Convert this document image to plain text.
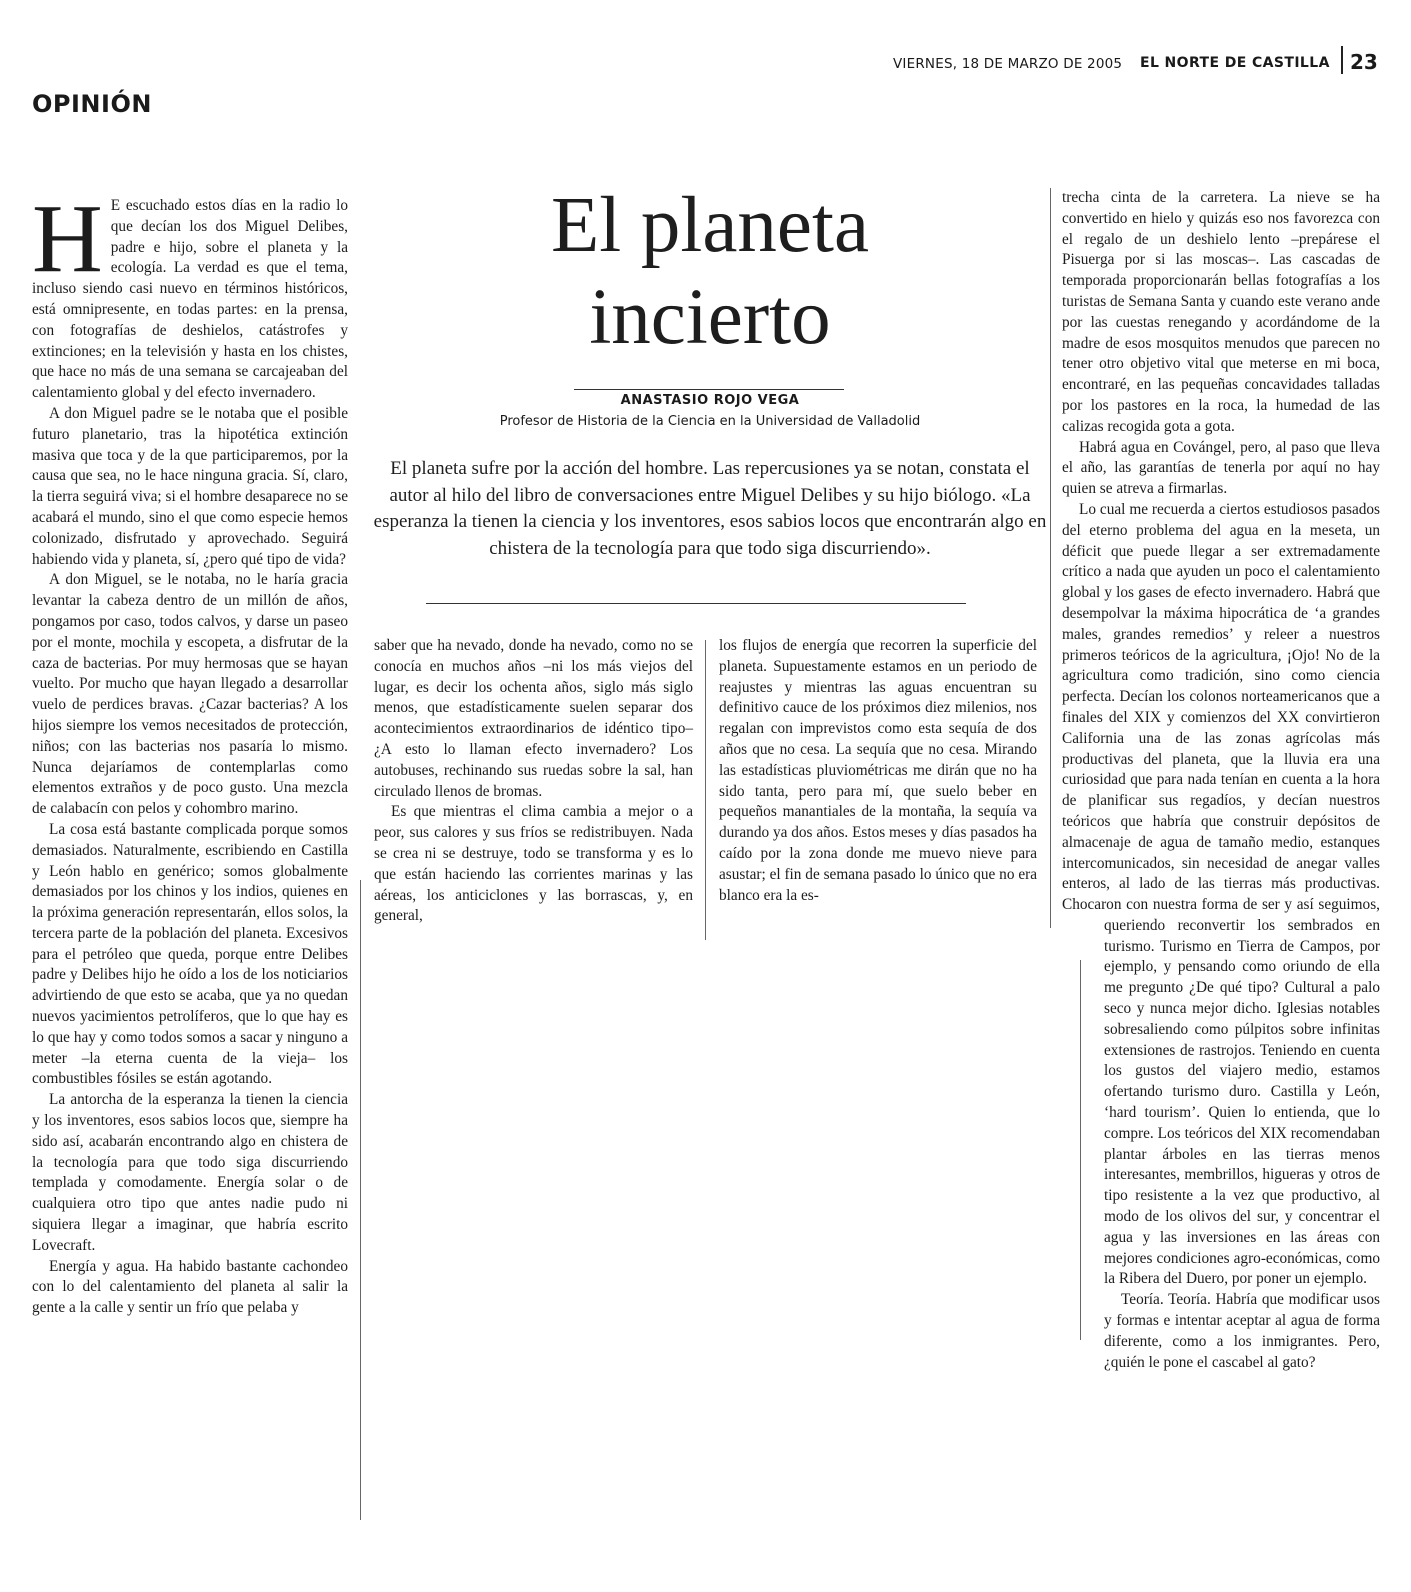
VIERNES, 18 DE MARZO DE 2005 EL NORTE DE CASTILLA 23
OPINIÓN
El planeta
incierto
ANASTASIO ROJO VEGA
Profesor de Historia de la Ciencia en la Universidad de Valladolid
El planeta sufre por la acción del hombre. Las repercusiones ya se notan, constata el autor al hilo del libro de conversaciones entre Miguel Delibes y su hijo biólogo. «La esperanza la tienen la ciencia y los inventores, esos sabios locos que encontrarán algo en chistera de la tecnología para que todo siga discurriendo».

H E escuchado estos días en la radio lo que decían los dos Miguel Delibes, padre e hijo, sobre el planeta y la ecología. La verdad es que el tema, incluso siendo casi nuevo en términos históricos, está omnipresente, en todas partes: en la prensa, con fotografías de deshielos, catástrofes y extinciones; en la televisión y hasta en los chistes, que hace no más de una semana se carcajeaban del calentamiento global y del efecto invernadero.

A don Miguel padre se le notaba que el posible futuro planetario, tras la hipotética extinción masiva que toca y de la que participaremos, por la causa que sea, no le hace ninguna gracia. Sí, claro, la tierra seguirá viva; si el hombre desaparece no se acabará el mundo, sino el que como especie hemos colonizado, disfrutado y aprovechado. Seguirá habiendo vida y planeta, sí, ¿pero qué tipo de vida?

A don Miguel, se le notaba, no le haría gracia levantar la cabeza dentro de un millón de años, pongamos por caso, todos calvos, y darse un paseo por el monte, mochila y escopeta, a disfrutar de la caza de bacterias. Por muy hermosas que se hayan vuelto. Por mucho que hayan llegado a desarrollar vuelo de perdices bravas. ¿Cazar bacterias? A los hijos siempre los vemos necesitados de protección, niños; con las bacterias nos pasaría lo mismo. Nunca dejaríamos de contemplarlas como elementos extraños y de poco gusto. Una mezcla de calabacín con pelos y cohombro marino.

La cosa está bastante complicada porque somos demasiados. Naturalmente, escribiendo en Castilla y León hablo en genérico; somos globalmente demasiados por los chinos y los indios, quienes en la próxima generación representarán, ellos solos, la tercera parte de la población del planeta. Excesivos para el petróleo que queda, porque entre Delibes padre y Delibes hijo he oído a los de los noticiarios advirtiendo de que esto se acaba, que ya no quedan nuevos yacimientos petrolíferos, que lo que hay es lo que hay y como todos somos a sacar y ninguno a meter –la eterna cuenta de la vieja– los combustibles fósiles se están agotando.

La antorcha de la esperanza la tienen la ciencia y los inventores, esos sabios locos que, siempre ha sido así, acabarán encontrando algo en chistera de la tecnología para que todo siga discurriendo templada y comodamente. Energía solar o de cualquiera otro tipo que antes nadie pudo ni siquiera llegar a imaginar, que habría escrito Lovecraft.

Energía y agua. Ha habido bastante cachondeo con lo del calentamiento del planeta al salir la gente a la calle y sentir un frío que pelaba y

saber que ha nevado, donde ha nevado, como no se conocía en muchos años –ni los más viejos del lugar, es decir los ochenta años, siglo más siglo menos, que estadísticamente suelen separar dos acontecimientos extraordinarios de idéntico tipo– ¿A esto lo llaman efecto invernadero? Los autobuses, rechinando sus ruedas sobre la sal, han circulado llenos de bromas.

Es que mientras el clima cambia a mejor o a peor, sus calores y sus fríos se redistribuyen. Nada se crea ni se destruye, todo se transforma y es lo que están haciendo las corrientes marinas y las aéreas, los anticiclones y las borrascas, y, en general,

los flujos de energía que recorren la superficie del planeta. Supuestamente estamos en un periodo de reajustes y mientras las aguas encuentran su definitivo cauce de los próximos diez milenios, nos regalan con imprevistos como esta sequía de dos años que no cesa. La sequía que no cesa. Mirando las estadísticas pluviométricas me dirán que no ha sido tanta, pero para mí, que suelo beber en pequeños manantiales de la montaña, la sequía va durando ya dos años. Estos meses y días pasados ha caído por la zona donde me muevo nieve para asustar; el fin de semana pasado lo único que no era blanco era la es-

trecha cinta de la carretera. La nieve se ha convertido en hielo y quizás eso nos favorezca con el regalo de un deshielo lento –prepárese el Pisuerga por si las moscas–. Las cascadas de temporada proporcionarán bellas fotografías a los turistas de Semana Santa y cuando este verano ande por las cuestas renegando y acordándome de la madre de esos mosquitos menudos que parecen no tener otro objetivo vital que meterse en mi boca, encontraré, en las pequeñas concavidades talladas por los pastores en la roca, la humedad de las calizas recogida gota a gota.

Habrá agua en Covángel, pero, al paso que lleva el año, las garantías de tenerla por aquí no hay quien se atreva a firmarlas.

Lo cual me recuerda a ciertos estudiosos pasados del eterno problema del agua en la meseta, un déficit que puede llegar a ser extremadamente crítico a nada que ayuden un poco el calentamiento global y los gases de efecto invernadero. Habrá que desempolvar la máxima hipocrática de ‘a grandes males, grandes remedios’ y releer a nuestros primeros teóricos de la agricultura, ¡Ojo! No de la agricultura como tradición, sino como ciencia perfecta. Decían los colonos norteamericanos que a finales del XIX y comienzos del XX convirtieron California una de las zonas agrícolas más productivas del planeta, que la lluvia era una curiosidad que para nada tenían en cuenta a la hora de planificar sus regadíos, y decían nuestros teóricos que habría que construir depósitos de almacenaje de agua de tamaño medio, estanques intercomunicados, sin necesidad de anegar valles enteros, al lado de las tierras más productivas. Chocaron con nuestra forma de ser y así seguimos, queriendo reconvertir los sembrados en turismo. Turismo en Tierra de Campos, por ejemplo, y pensando como oriundo de ella me pregunto ¿De qué tipo? Cultural a palo seco y nunca mejor dicho. Iglesias notables sobresaliendo como púlpitos sobre infinitas extensiones de rastrojos. Teniendo en cuenta los gustos del viajero medio, estamos ofertando turismo duro. Castilla y León, ‘hard tourism’. Quien lo entienda, que lo compre. Los teóricos del XIX recomendaban plantar árboles en las tierras menos interesantes, membrillos, higueras y otros de tipo resistente a la vez que productivo, al modo de los olivos del sur, y concentrar el agua y las inversiones en las áreas con mejores condiciones agro-económicas, como la Ribera del Duero, por poner un ejemplo.

Teoría. Teoría. Habría que modificar usos y formas e intentar aceptar al agua de forma diferente, como a los inmigrantes. Pero, ¿quién le pone el cascabel al gato?
